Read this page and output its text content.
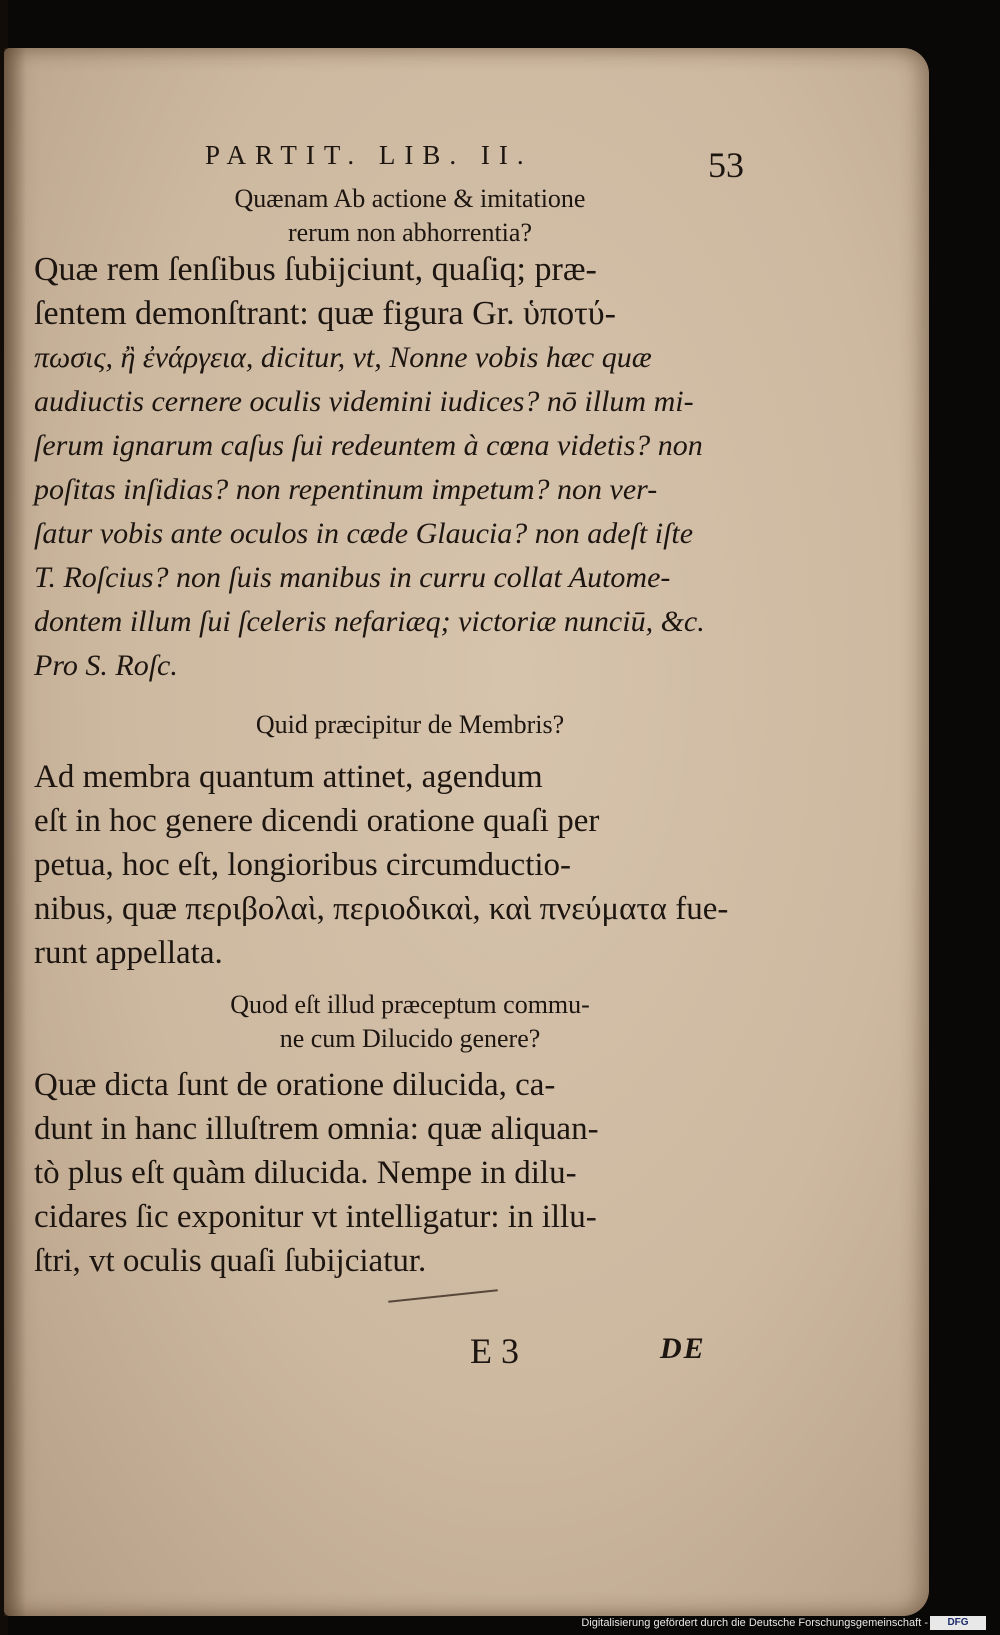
PARTIT. LIB. II.	53
Quænam Ab actione & imitatione
rerum non abhorrentia?
Quæ rem ſenſibus ſubijciunt, quaſiq; præ-
ſentem demonſtrant: quæ figura Gr. ὑποτύ-
πωσις, ἢ ἐνάργεια, dicitur, vt, Nonne vobis hæc quæ
audiuctis cernere oculis videmini iudices? nō illum mi-
ſerum ignarum caſus ſui redeuntem à cœna videtis? non
poſitas inſidias? non repentinum impetum? non ver-
ſatur vobis ante oculos in cæde Glaucia? non adeſt iſte
T. Roſcius? non ſuis manibus in curru collat Autome-
dontem illum ſui ſceleris nefariæq; victoriæ nunciū, &c.
Pro S. Roſc.
Quid præcipitur de Membris?
Ad membra quantum attinet, agendum
eſt in hoc genere dicendi oratione quaſi per
petua, hoc eſt, longioribus circumductio-
nibus, quæ περιβολαὶ, περιοδικαὶ, καὶ πνεύματα fue-
runt appellata.
Quod eſt illud præceptum commu-
ne cum Dilucido genere?
Quæ dicta ſunt de oratione dilucida, ca-
dunt in hanc illuſtrem omnia: quæ aliquan-
tò plus eſt quàm dilucida. Nempe in dilu-
cidares ſic exponitur vt intelligatur: in illu-
ſtri, vt oculis quaſi ſubijciatur.
E 3	DE
Digitalisierung gefördert durch die Deutsche Forschungsgemeinschaft -	DFG
